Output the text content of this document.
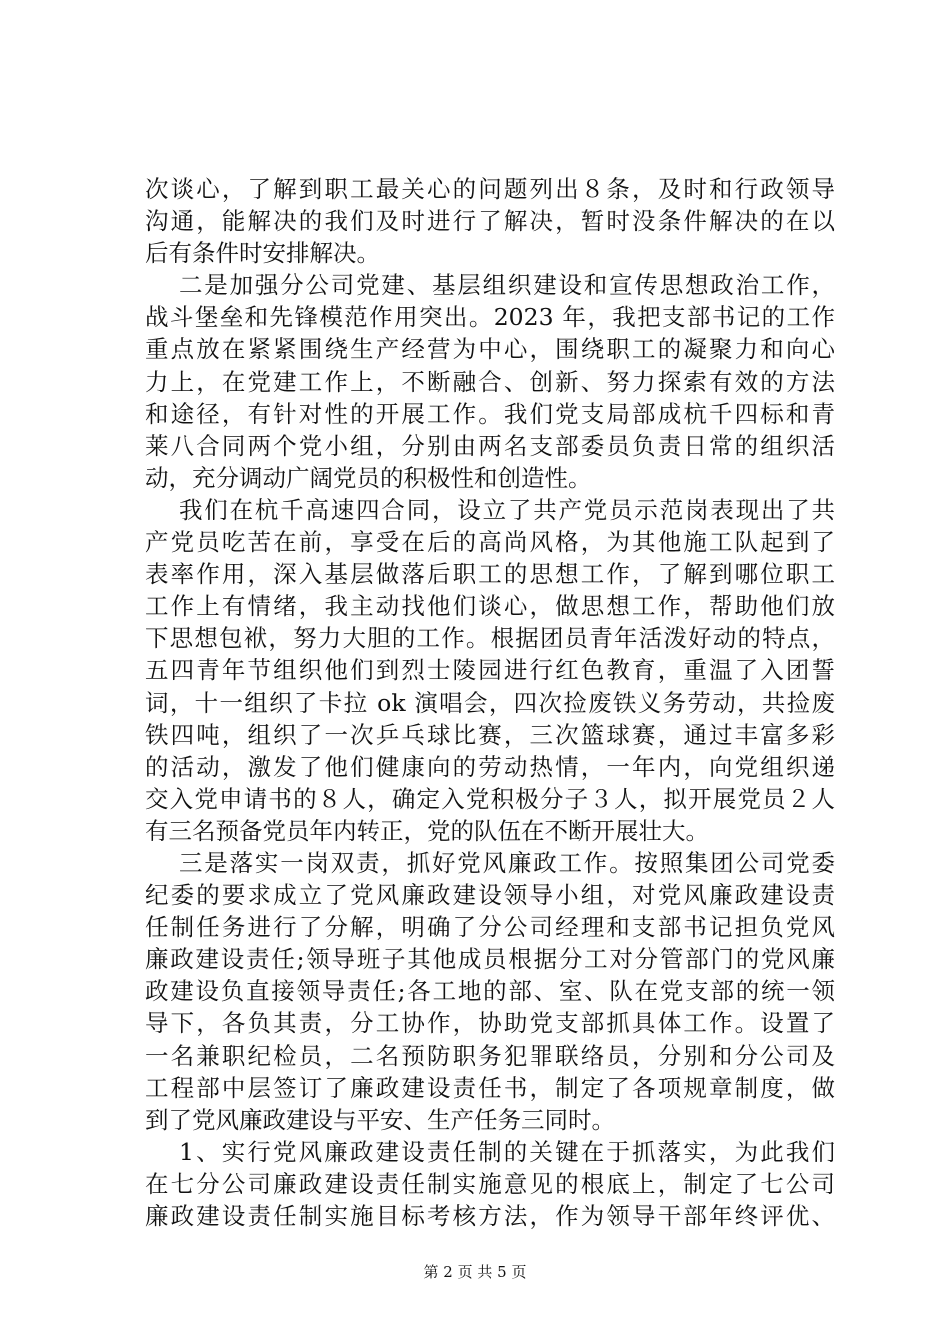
次谈心，了解到职工最关心的问题列出８条，及时和行政领导
沟通，能解决的我们及时进行了解决，暂时没条件解决的在以
后有条件时安排解决。
二是加强分公司党建、基层组织建设和宣传思想政治工作，
战斗堡垒和先锋模范作用突出。2023 年，我把支部书记的工作
重点放在紧紧围绕生产经营为中心，围绕职工的凝聚力和向心
力上，在党建工作上，不断融合、创新、努力探索有效的方法
和途径，有针对性的开展工作。我们党支局部成杭千四标和青
莱八合同两个党小组，分别由两名支部委员负责日常的组织活
动，充分调动广阔党员的积极性和创造性。
我们在杭千高速四合同，设立了共产党员示范岗表现出了共
产党员吃苦在前，享受在后的高尚风格，为其他施工队起到了
表率作用，深入基层做落后职工的思想工作，了解到哪位职工
工作上有情绪，我主动找他们谈心，做思想工作，帮助他们放
下思想包袱，努力大胆的工作。根据团员青年活泼好动的特点，
五四青年节组织他们到烈士陵园进行红色教育，重温了入团誓
词，十一组织了卡拉 ok 演唱会，四次捡废铁义务劳动，共捡废
铁四吨，组织了一次乒乓球比赛，三次篮球赛，通过丰富多彩
的活动，激发了他们健康向的劳动热情，一年内，向党组织递
交入党申请书的８人，确定入党积极分子３人，拟开展党员２人
有三名预备党员年内转正，党的队伍在不断开展壮大。
三是落实一岗双责，抓好党风廉政工作。按照集团公司党委
纪委的要求成立了党风廉政建设领导小组，对党风廉政建设责
任制任务进行了分解，明确了分公司经理和支部书记担负党风
廉政建设责任;领导班子其他成员根据分工对分管部门的党风廉
政建设负直接领导责任;各工地的部、室、队在党支部的统一领
导下，各负其责，分工协作，协助党支部抓具体工作。设置了
一名兼职纪检员，二名预防职务犯罪联络员，分别和分公司及
工程部中层签订了廉政建设责任书，制定了各项规章制度，做
到了党风廉政建设与平安、生产任务三同时。
1、实行党风廉政建设责任制的关键在于抓落实，为此我们
在七分公司廉政建设责任制实施意见的根底上，制定了七公司
廉政建设责任制实施目标考核方法，作为领导干部年终评优、
第 2 页 共 5 页
